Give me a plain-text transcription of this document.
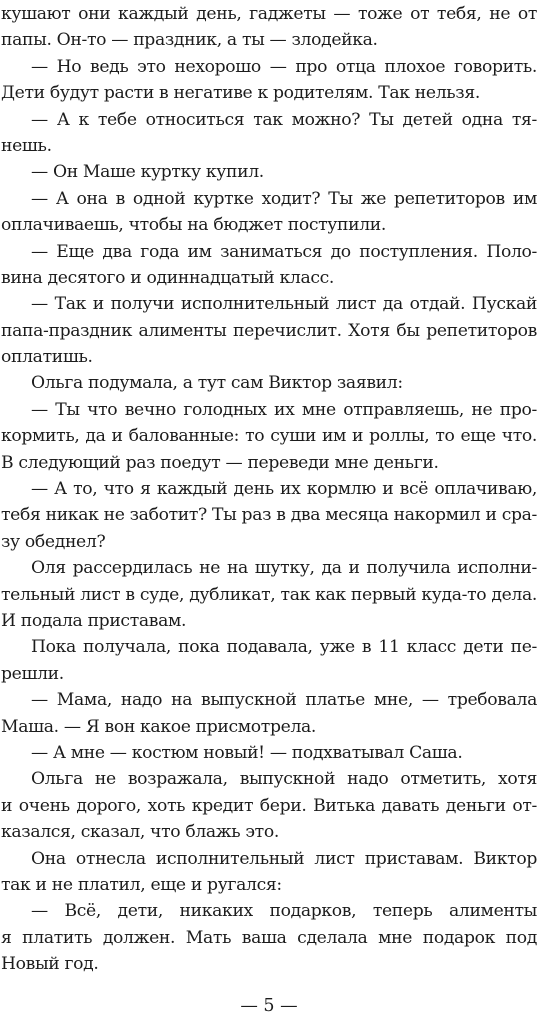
кушают они каждый день, гаджеты — тоже от тебя, не от
папы. Он-то — праздник, а ты — злодейка.
— Но ведь это нехорошо — про отца плохое говорить.
Дети будут расти в негативе к родителям. Так нельзя.
— А к тебе относиться так можно? Ты детей одна тя-
нешь.
— Он Маше куртку купил.
— А она в одной куртке ходит? Ты же репетиторов им
оплачиваешь, чтобы на бюджет поступили.
— Еще два года им заниматься до поступления. Поло-
вина десятого и одиннадцатый класс.
— Так и получи исполнительный лист да отдай. Пускай
папа-праздник алименты перечислит. Хотя бы репетиторов
оплатишь.
Ольга подумала, а тут сам Виктор заявил:
— Ты что вечно голодных их мне отправляешь, не про-
кормить, да и балованные: то суши им и роллы, то еще что.
В следующий раз поедут — переведи мне деньги.
— А то, что я каждый день их кормлю и всё оплачиваю,
тебя никак не заботит? Ты раз в два месяца накормил и сра-
зу обеднел?
Оля рассердилась не на шутку, да и получила исполни-
тельный лист в суде, дубликат, так как первый куда-то дела.
И подала приставам.
Пока получала, пока подавала, уже в 11 класс дети пе-
решли.
— Мама, надо на выпускной платье мне, — требовала
Маша. — Я вон какое присмотрела.
— А мне — костюм новый! — подхватывал Саша.
Ольга не возражала, выпускной надо отметить, хотя
и очень дорого, хоть кредит бери. Витька давать деньги от-
казался, сказал, что блажь это.
Она отнесла исполнительный лист приставам. Виктор
так и не платил, еще и ругался:
— Всё, дети, никаких подарков, теперь алименты
я платить должен. Мать ваша сделала мне подарок под
Новый год.
— 5 —
